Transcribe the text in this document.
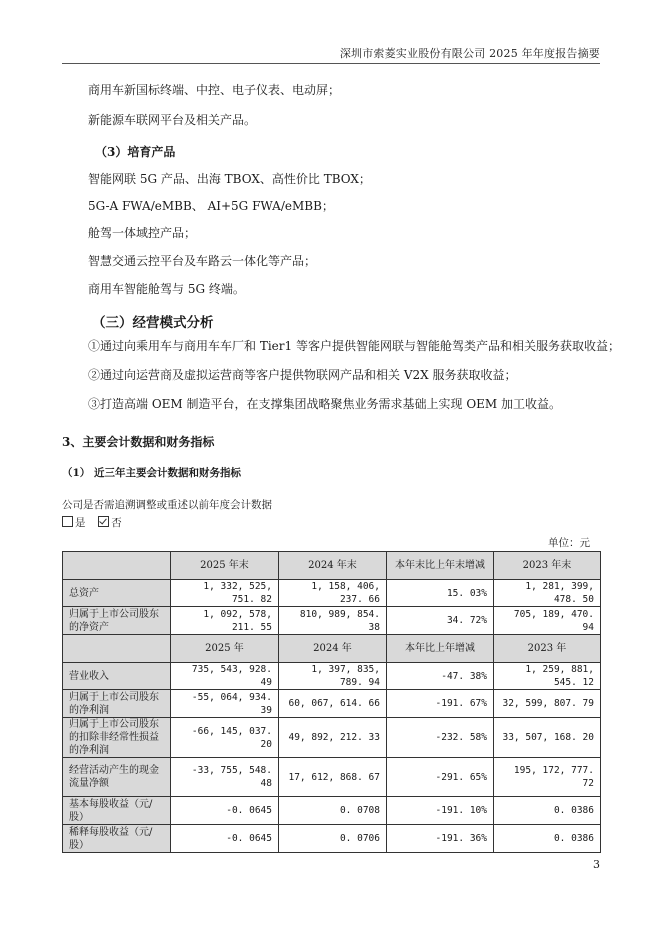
深圳市索菱实业股份有限公司 2025 年年度报告摘要
商用车新国标终端、中控、电子仪表、电动屏；
新能源车联网平台及相关产品。
（3）培育产品
智能网联 5G 产品、出海 TBOX、高性价比 TBOX；
5G-A FWA/eMBB、 AI+5G FWA/eMBB；
舱驾一体域控产品；
智慧交通云控平台及车路云一体化等产品；
商用车智能舱驾与 5G 终端。
（三）经营模式分析
①通过向乘用车与商用车车厂和 Tier1 等客户提供智能网联与智能舱驾类产品和相关服务获取收益；
②通过向运营商及虚拟运营商等客户提供物联网产品和相关 V2X 服务获取收益；
③打造高端 OEM 制造平台，在支撑集团战略聚焦业务需求基础上实现 OEM 加工收益。
3、主要会计数据和财务指标
（1） 近三年主要会计数据和财务指标
公司是否需追溯调整或重述以前年度会计数据
是 否
单位：元
	2025 年末	2024 年末	本年末比上年末增减	2023 年末
总资产	1, 332, 525, 751. 82	1, 158, 406, 237. 66	15. 03%	1, 281, 399, 478. 50
归属于上市公司股东的净资产	1, 092, 578, 211. 55	810, 989, 854. 38	34. 72%	705, 189, 470. 94
	2025 年	2024 年	本年比上年增减	2023 年
营业收入	735, 543, 928. 49	1, 397, 835, 789. 94	-47. 38%	1, 259, 881, 545. 12
归属于上市公司股东的净利润	-55, 064, 934. 39	60, 067, 614. 66	-191. 67%	32, 599, 807. 79
归属于上市公司股东的扣除非经常性损益的净利润	-66, 145, 037. 20	49, 892, 212. 33	-232. 58%	33, 507, 168. 20
经营活动产生的现金流量净额	-33, 755, 548. 48	17, 612, 868. 67	-291. 65%	195, 172, 777. 72
基本每股收益（元/股）	-0. 0645	0. 0708	-191. 10%	0. 0386
稀释每股收益（元/股）	-0. 0645	0. 0706	-191. 36%	0. 0386
3
